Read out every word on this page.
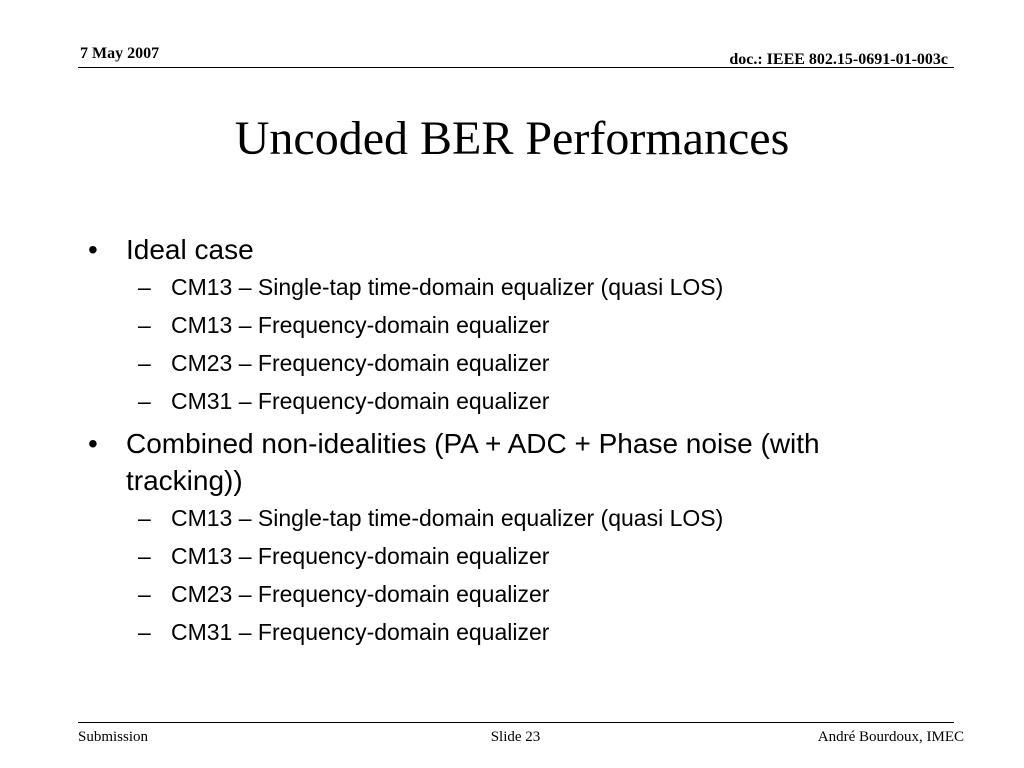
7 May 2007	doc.: IEEE 802.15-0691-01-003c
Uncoded BER Performances
• Ideal case
– CM13 – Single-tap time-domain equalizer (quasi LOS)
– CM13 – Frequency-domain equalizer
– CM23 – Frequency-domain equalizer
– CM31 – Frequency-domain equalizer
• Combined non-idealities (PA + ADC + Phase noise (with tracking))
– CM13 – Single-tap time-domain equalizer (quasi LOS)
– CM13 – Frequency-domain equalizer
– CM23 – Frequency-domain equalizer
– CM31 – Frequency-domain equalizer
Submission	Slide 23	André Bourdoux, IMEC
